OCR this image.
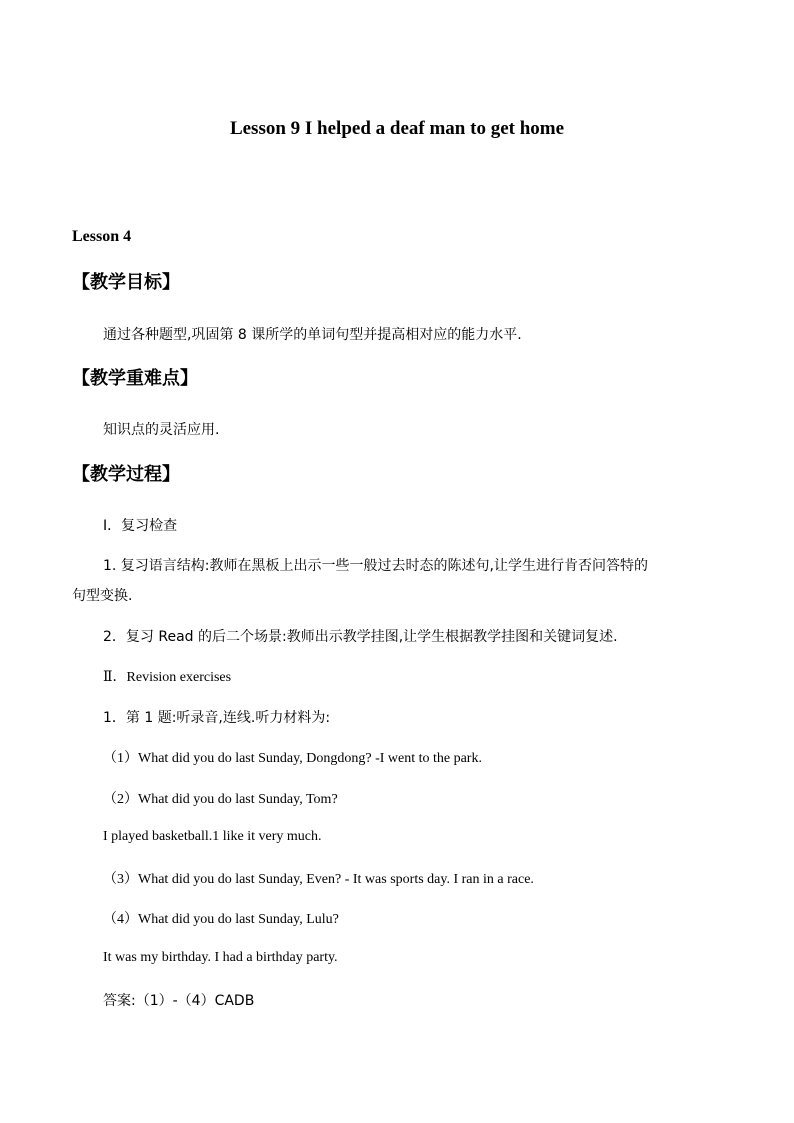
Lesson 9 I helped a deaf man to get home
Lesson 4
【教学目标】
通过各种题型,巩固第 8 课所学的单词句型并提高相对应的能力水平.
【教学重难点】
知识点的灵活应用.
【教学过程】
Ⅰ．复习检查
1. 复习语言结构:教师在黑板上出示一些一般过去时态的陈述句,让学生进行肯否问答特的
句型变换.
2．复习 Read 的后二个场景:教师出示教学挂图,让学生根据教学挂图和关键词复述.
Ⅱ．Revision exercises
1．第 1 题:听录音,连线.听力材料为:
（1）What did you do last Sunday, Dongdong? -I went to the park.
（2）What did you do last Sunday, Tom?
I played basketball.1 like it very much.
（3）What did you do last Sunday, Even? - It was sports day. I ran in a race.
（4）What did you do last Sunday, Lulu?
It was my birthday. I had a birthday party.
答案:（1）-（4）CADB
